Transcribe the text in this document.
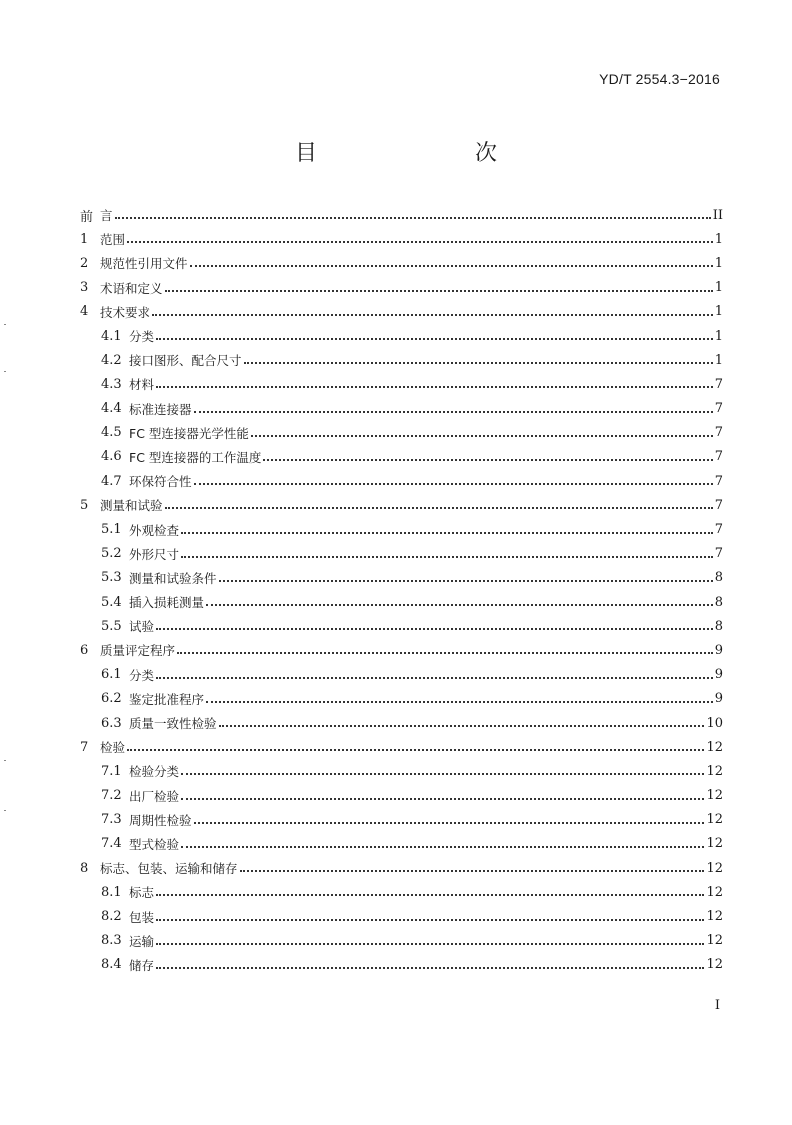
YD/T 2554.3−2016
目　　次
前 言	II
1 范围	1
2 规范性引用文件	1
3 术语和定义	1
4 技术要求	1
4.1 分类	1
4.2 接口图形、配合尺寸	1
4.3 材料	7
4.4 标准连接器	7
4.5 FC 型连接器光学性能	7
4.6 FC 型连接器的工作温度	7
4.7 环保符合性	7
5 测量和试验	7
5.1 外观检查	7
5.2 外形尺寸	7
5.3 测量和试验条件	8
5.4 插入损耗测量	8
5.5 试验	8
6 质量评定程序	9
6.1 分类	9
6.2 鉴定批准程序	9
6.3 质量一致性检验	10
7 检验	12
7.1 检验分类	12
7.2 出厂检验	12
7.3 周期性检验	12
7.4 型式检验	12
8 标志、包装、运输和储存	12
8.1 标志	12
8.2 包装	12
8.3 运输	12
8.4 储存	12
I
